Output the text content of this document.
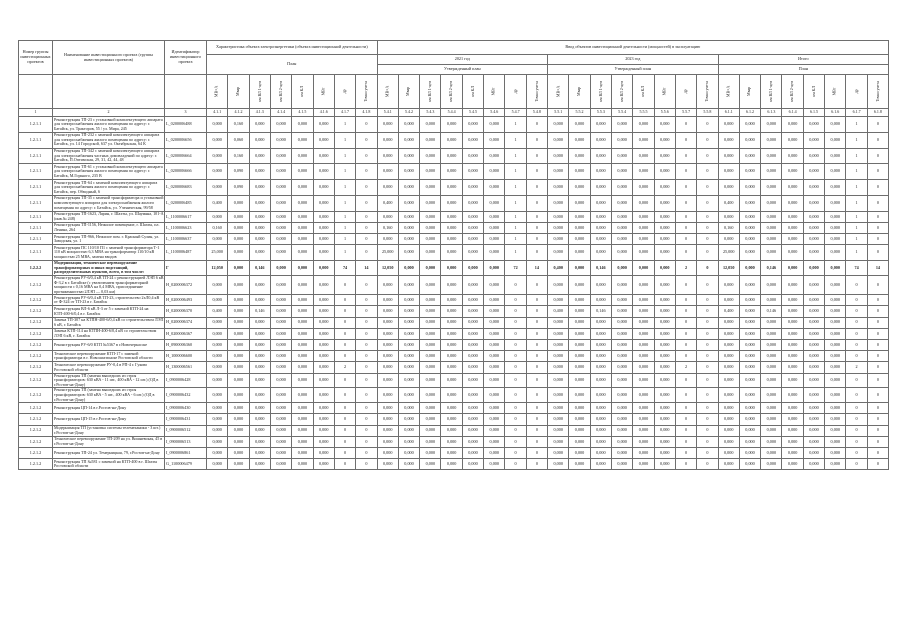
Номер группы инвестиционных проектов	Наименование инвестиционного проекта (группы инвестиционных проектов)	Идентификатор инвестиционного проекта	Характеристика объекта электроэнергетики (объекта инвестиционной деятельности)								Ввод объектов инвестиционной деятельности (мощностей) в эксплуатацию																							
			План								2021 год								2023 год								Итого							
											Утвержденный план								Утвержденный план								План							
			МВ×А	Мвар	км ВЛ 1-цеп	км ВЛ 2-цеп	км КЛ	МВт	др	Точки учета	МВ×А	Мвар	км ВЛ 1-цеп	км ВЛ 2-цеп	км КЛ	МВт	др	Точки учета	МВ×А	Мвар	км ВЛ 1-цеп	км ВЛ 2-цеп	км КЛ	МВт	др	Точки учета	МВ×А	Мвар	км ВЛ 1-цеп	км ВЛ 2-цеп	км КЛ	МВт	др	Точки учета
1	2	3	4.1.1	4.1.2	4.1.3	4.1.4	4.1.5	4.1.6	4.1.7	4.1.8	5.4.1	5.4.2	5.4.3	5.4.4	5.4.5	5.4.6	5.4.7	5.4.8	5.5.1	5.5.2	5.5.3	5.5.4	5.5.5	5.5.6	5.5.7	5.5.8	6.1.1	6.1.2	6.1.3	6.1.4	6.1.5	6.1.6	6.1.7	6.1.8
1.2.1.1	Реконструкция ТП-23 с установкой комплектующего аппарата для электроснабжения жилого помещения по адресу: г. Батайск, ул. Тракторов, 55 / ул. Мира, 245	L_0200006488	0,000	0,160	0,000	0,000	0,000	0,000	1	0	0,000	0,000	0,000	0,000	0,000	0,000	1	0	0,000	0,000	0,000	0,000	0,000	0,000	0	0	0,000	0,000	0,000	0,000	0,000	0,000	1	0
1.2.1.1	Реконструкция ТП-232 с заменой комплектующего аппарата для электроснабжения жилого помещения по адресу: г. Батайск, ул. 14 Городской, 637 ул. Октябрьская, 64 К	L_0200006656	0,000	0,060	0,000	0,000	0,000	0,000	1	0	0,000	0,000	0,000	0,000	0,000	0,000	1	0	0,000	0,000	0,000	0,000	0,000	0,000	0	0	0,000	0,000	0,000	0,000	0,000	0,000	1	0
1.2.1.1	Реконструкция ТП-342 с заменой комплектующего аппарата для электроснабжения частных домовладений по адресу: г. Батайск, П.Оптимская, 29, 31, 42, 44, 48	L_0200006664	0,000	0,160	0,000	0,000	0,000	0,000	1	0	0,000	0,000	0,000	0,000	0,000	0,000	1	0	0,000	0,000	0,000	0,000	0,000	0,000	0	0	0,000	0,000	0,000	0,000	0,000	0,000	1	0
1.2.1.1	Реконструкция ТП-61 с установкой комплектующего аппарата для электроснабжения жилого помещения по адресу: г. Батайск, М.Горького, 235 В	L_0200006666	0,000	0,090	0,000	0,000	0,000	0,000	1	0	0,000	0,000	0,000	0,000	0,000	0,000	1	0	0,000	0,000	0,000	0,000	0,000	0,000	0	0	0,000	0,000	0,000	0,000	0,000	0,000	1	0
1.2.1.1	Реконструкция ТП-64 с заменой комплектующего аппарата для электроснабжения жилого помещения по адресу: г. Батайск, пер. Обводный, 6	L_0200006683	0,000	0,090	0,000	0,000	0,000	0,000	1	0	0,000	0,000	0,000	0,000	0,000	0,000	1	0	0,000	0,000	0,000	0,000	0,000	0,000	0	0	0,000	0,000	0,000	0,000	0,000	0,000	1	0
1.2.1.1	Реконструкция ТП-35 с заменой трансформатора и установкой комплектующего аппарата для электроснабжения жилого помещения по адресу: г. Батайск, ул. Ученическая, 99/58	L_0200006485	0,400	0,000	0,000	0,000	0,000	0,000	1	0	0,400	0,000	0,000	0,000	0,000	0,000	1	0	0,000	0,000	0,000	0,000	0,000	0,000	0	0	0,400	0,000	0,000	0,000	0,000	0,000	1	0
1.2.1.1	Реконструкция ТП-1623, Ларин, г. Шахты, ул. Шаумяна, 101-А (инв.№ 248)	L_1100006617	0,000	0,000	0,000	0,000	0,000	0,000	1	0	0,000	0,000	0,000	0,000	0,000	0,000	1	0	0,000	0,000	0,000	0,000	0,000	0,000	0	0	0,000	0,000	0,000	0,000	0,000	0,000	1	0
1.2.1.1	Реконструкция ТП-1156, Нежилое помещение, г. Шахты, пл. Ленина, 264	L_1100006623	0,160	0,000	0,000	0,000	0,000	0,000	1	0	0,160	0,000	0,000	0,000	0,000	0,000	1	0	0,000	0,000	0,000	0,000	0,000	0,000	0	0	0,160	0,000	0,000	0,000	0,000	0,000	1	0
1.2.1.1	Реконструкция ТП-966, Нежилое пом. г. Красный Сулин, ул. Заводская, ул. 1	L_1100006637	0,000	0,000	0,000	0,000	0,000	0,000	1	0	0,000	0,000	0,000	0,000	0,000	0,000	1	0	0,000	0,000	0,000	0,000	0,000	0,000	0	0	0,000	0,000	0,000	0,000	0,000	0,000	1	0
1.2.1.1	Реконструкция ПС 110/10 П1 с заменой трансформатора Т-1 110 кВ мощностью 6,3 МВА на трансформатор 110/10 кВ мощностью 25 МВА, замена вводов	L_1100006487	25,000	0,000	0,000	0,000	0,000	0,000	1	0	25,000	0,000	0,000	0,000	0,000	0,000	1	0	0,000	0,000	0,000	0,000	0,000	0,000	0	0	25,000	0,000	0,000	0,000	0,000	0,000	1	0
1.2.2.2	Модернизация, техническое перевооружение трансформаторных и иных подстанций, распределительных пунктов, всего, в том числе:	Г	12,050	0,000	0,146	0,000	0,000	0,000	74	14	12,050	0,000	0,000	0,000	0,000	0,000	72	14	0,400	0,000	0,146	0,000	0,000	0,000	2	0	12,050	0,000	0,146	0,000	0,000	0,000	74	14
1.2.1.2	Реконструкция РУ-6/0,4 кВ ТП-24 с реконструкцией ЛЭП 6 кВ Ф-3,2 в г. Батайске (с увеличением трансформаторной мощности с 0,16 МВА на 0,4 МВА, присоединение протяженностью 2ЛЭП — 0,03 км)	H_0200006372	0,000	0,000	0,000	0,000	0,000	0,000	0	0	0,000	0,000	0,000	0,000	0,000	0,000	0	0	0,000	0,000	0,000	0,000	0,000	0,000	0	0	0,000	0,000	0,000	0,000	0,000	0,000	0	0
1.2.1.2	Реконструкция РУ-6/0,4 кВ ТП-23, строительство 2хЛ0,4 кВ от Ф-324 от ТП-23 в г. Батайск	H_0200006493	0,000	0,000	0,000	0,000	0,000	0,000	0	0	0,000	0,000	0,000	0,000	0,000	0,000	0	0	0,000	0,000	0,000	0,000	0,000	0,000	0	0	0,000	0,000	0,000	0,000	0,000	0,000	0	0
1.2.1.2	Реконструкция ВЛ-6 кВ Л-3 от 5 с заменой КТП-24 на КТП-400-6/0,4 в г. Батайск	H_0200006370	0,400	0,000	0,146	0,000	0,000	0,000	0	0	0,000	0,000	0,000	0,000	0,000	0,000	0	0	0,400	0,000	0,146	0,000	0,000	0,000	0	0	0,400	0,000	0,146	0,000	0,000	0,000	0	0
1.2.1.2	Замена ТП-307 на КТПН-400-6/0,4 кВ со строительством ЛЭП 6 кВ, г. Батайск	H_0200006374	0,000	0,000	0,000	0,000	0,000	0,000	0	0	0,000	0,000	0,000	0,000	0,000	0,000	0	0	0,000	0,000	0,000	0,000	0,000	0,000	0	0	0,000	0,000	0,000	0,000	0,000	0,000	0	0
1.2.1.2	Замена КТП-114 на КТПН-400-6/0,4 кВ со строительством ЛЭП 6 кВ, г. Батайск	H_0200006367	0,000	0,000	0,000	0,000	0,000	0,000	0	0	0,000	0,000	0,000	0,000	0,000	0,000	0	0	0,000	0,000	0,000	0,000	0,000	0,000	0	0	0,000	0,000	0,000	0,000	0,000	0,000	0	0
1.2.1.2	Реконструкция РУ-6/0 КТП №5367 в г.Новочеркасске	H_0900006360	0,000	0,000	0,000	0,000	0,000	0,000	0	0	0,000	0,000	0,000	0,000	0,000	0,000	0	0	0,000	0,000	0,000	0,000	0,000	0,000	0	0	0,000	0,000	0,000	0,000	0,000	0,000	0	0
1.2.1.2	Техническое перевооружение КТП-17 с заменой трансформатора в г. Новошахтинске Ростовской области	H_1000006600	0,000	0,000	0,000	0,000	0,000	0,000	0	0	0,000	0,000	0,000	0,000	0,000	0,000	0	0	0,000	0,000	0,000	0,000	0,000	0,000	0	0	0,000	0,000	0,000	0,000	0,000	0,000	0	0
1.2.1.2	Техническое перевооружение РУ-0,4 в РП-4 г. Гуково Ростовской области	H_1300006561	0,000	0,000	0,000	0,000	0,000	0,000	2	0	0,000	0,000	0,000	0,000	0,000	0,000	0	0	0,000	0,000	0,000	0,000	0,000	0,000	2	0	0,000	0,000	0,000	0,000	0,000	0,000	2	0
1.2.1.2	Реконструкция ТП (замена вышедших из строя трансформаторов: 630 кВА - 11 шт., 400 кВА - 12 шт.) (ОД в г.Ростов-на-Дону)	I_0900006428	0,000	0,000	0,000	0,000	0,000	0,000	0	0	0,000	0,000	0,000	0,000	0,000	0,000	0	0	0,000	0,000	0,000	0,000	0,000	0,000	0	0	0,000	0,000	0,000	0,000	0,000	0,000	0	0
1.2.1.2	Реконструкция ТП (замена вышедших из строя трансформаторов: 630 кВА - 5 шт., 400 кВА - 6 шт.) (ОД в г.Ростов-на-Дону)	I_0900006432	0,000	0,000	0,000	0,000	0,000	0,000	0	0	0,000	0,000	0,000	0,000	0,000	0,000	0	0	0,000	0,000	0,000	0,000	0,000	0,000	0	0	0,000	0,000	0,000	0,000	0,000	0,000	0	0
1.2.1.2	Реконструкция ЦП-14 в г.Ростов-на-Дону	I_0900006430	0,000	0,000	0,000	0,000	0,000	0,000	0	0	0,000	0,000	0,000	0,000	0,000	0,000	0	0	0,000	0,000	0,000	0,000	0,000	0,000	0	0	0,000	0,000	0,000	0,000	0,000	0,000	0	0
1.2.1.2	Реконструкция ЦП-15 в г.Ростов-на-Дону	I_0900006431	0,000	0,000	0,000	0,000	0,000	0,000	0	0	0,000	0,000	0,000	0,000	0,000	0,000	0	0	0,000	0,000	0,000	0,000	0,000	0,000	0	0	0,000	0,000	0,000	0,000	0,000	0,000	0	0
1.2.1.2	Модернизация ТП (установка системы телемеханики - 3 шт.) г.Ростов-на-Дону	I_0900006512	0,000	0,000	0,000	0,000	0,000	0,000	0	0	0,000	0,000	0,000	0,000	0,000	0,000	0	0	0,000	0,000	0,000	0,000	0,000	0,000	0	0	0,000	0,000	0,000	0,000	0,000	0,000	0	0
1.2.1.2	Техническое перевооружение ТП-209 на ул. Вишневская, 45 в г.Ростов-на-Дону	I_0900006513	0,000	0,000	0,000	0,000	0,000	0,000	0	0	0,000	0,000	0,000	0,000	0,000	0,000	0	0	0,000	0,000	0,000	0,000	0,000	0,000	0	0	0,000	0,000	0,000	0,000	0,000	0,000	0	0
1.2.1.2	Реконструкция ТП-24 ул. Темерницкая, 79, г.Ростов-на-Дону	I_0900006861	0,000	0,000	0,000	0,000	0,000	0,000	0	0	0,000	0,000	0,000	0,000	0,000	0,000	0	0	0,000	0,000	0,000	0,000	0,000	0,000	0	0	0,000	0,000	0,000	0,000	0,000	0,000	0	0
1.2.1.2	Реконструкция ТП №581 с заменой на КТП-400 в г. Шахты Ростовской области	G_1100006479	0,000	0,000	0,000	0,000	0,000	0,000	0	0	0,000	0,000	0,000	0,000	0,000	0,000	0	0	0,000	0,000	0,000	0,000	0,000	0,000	0	0	0,000	0,000	0,000	0,000	0,000	0,000	0	0
